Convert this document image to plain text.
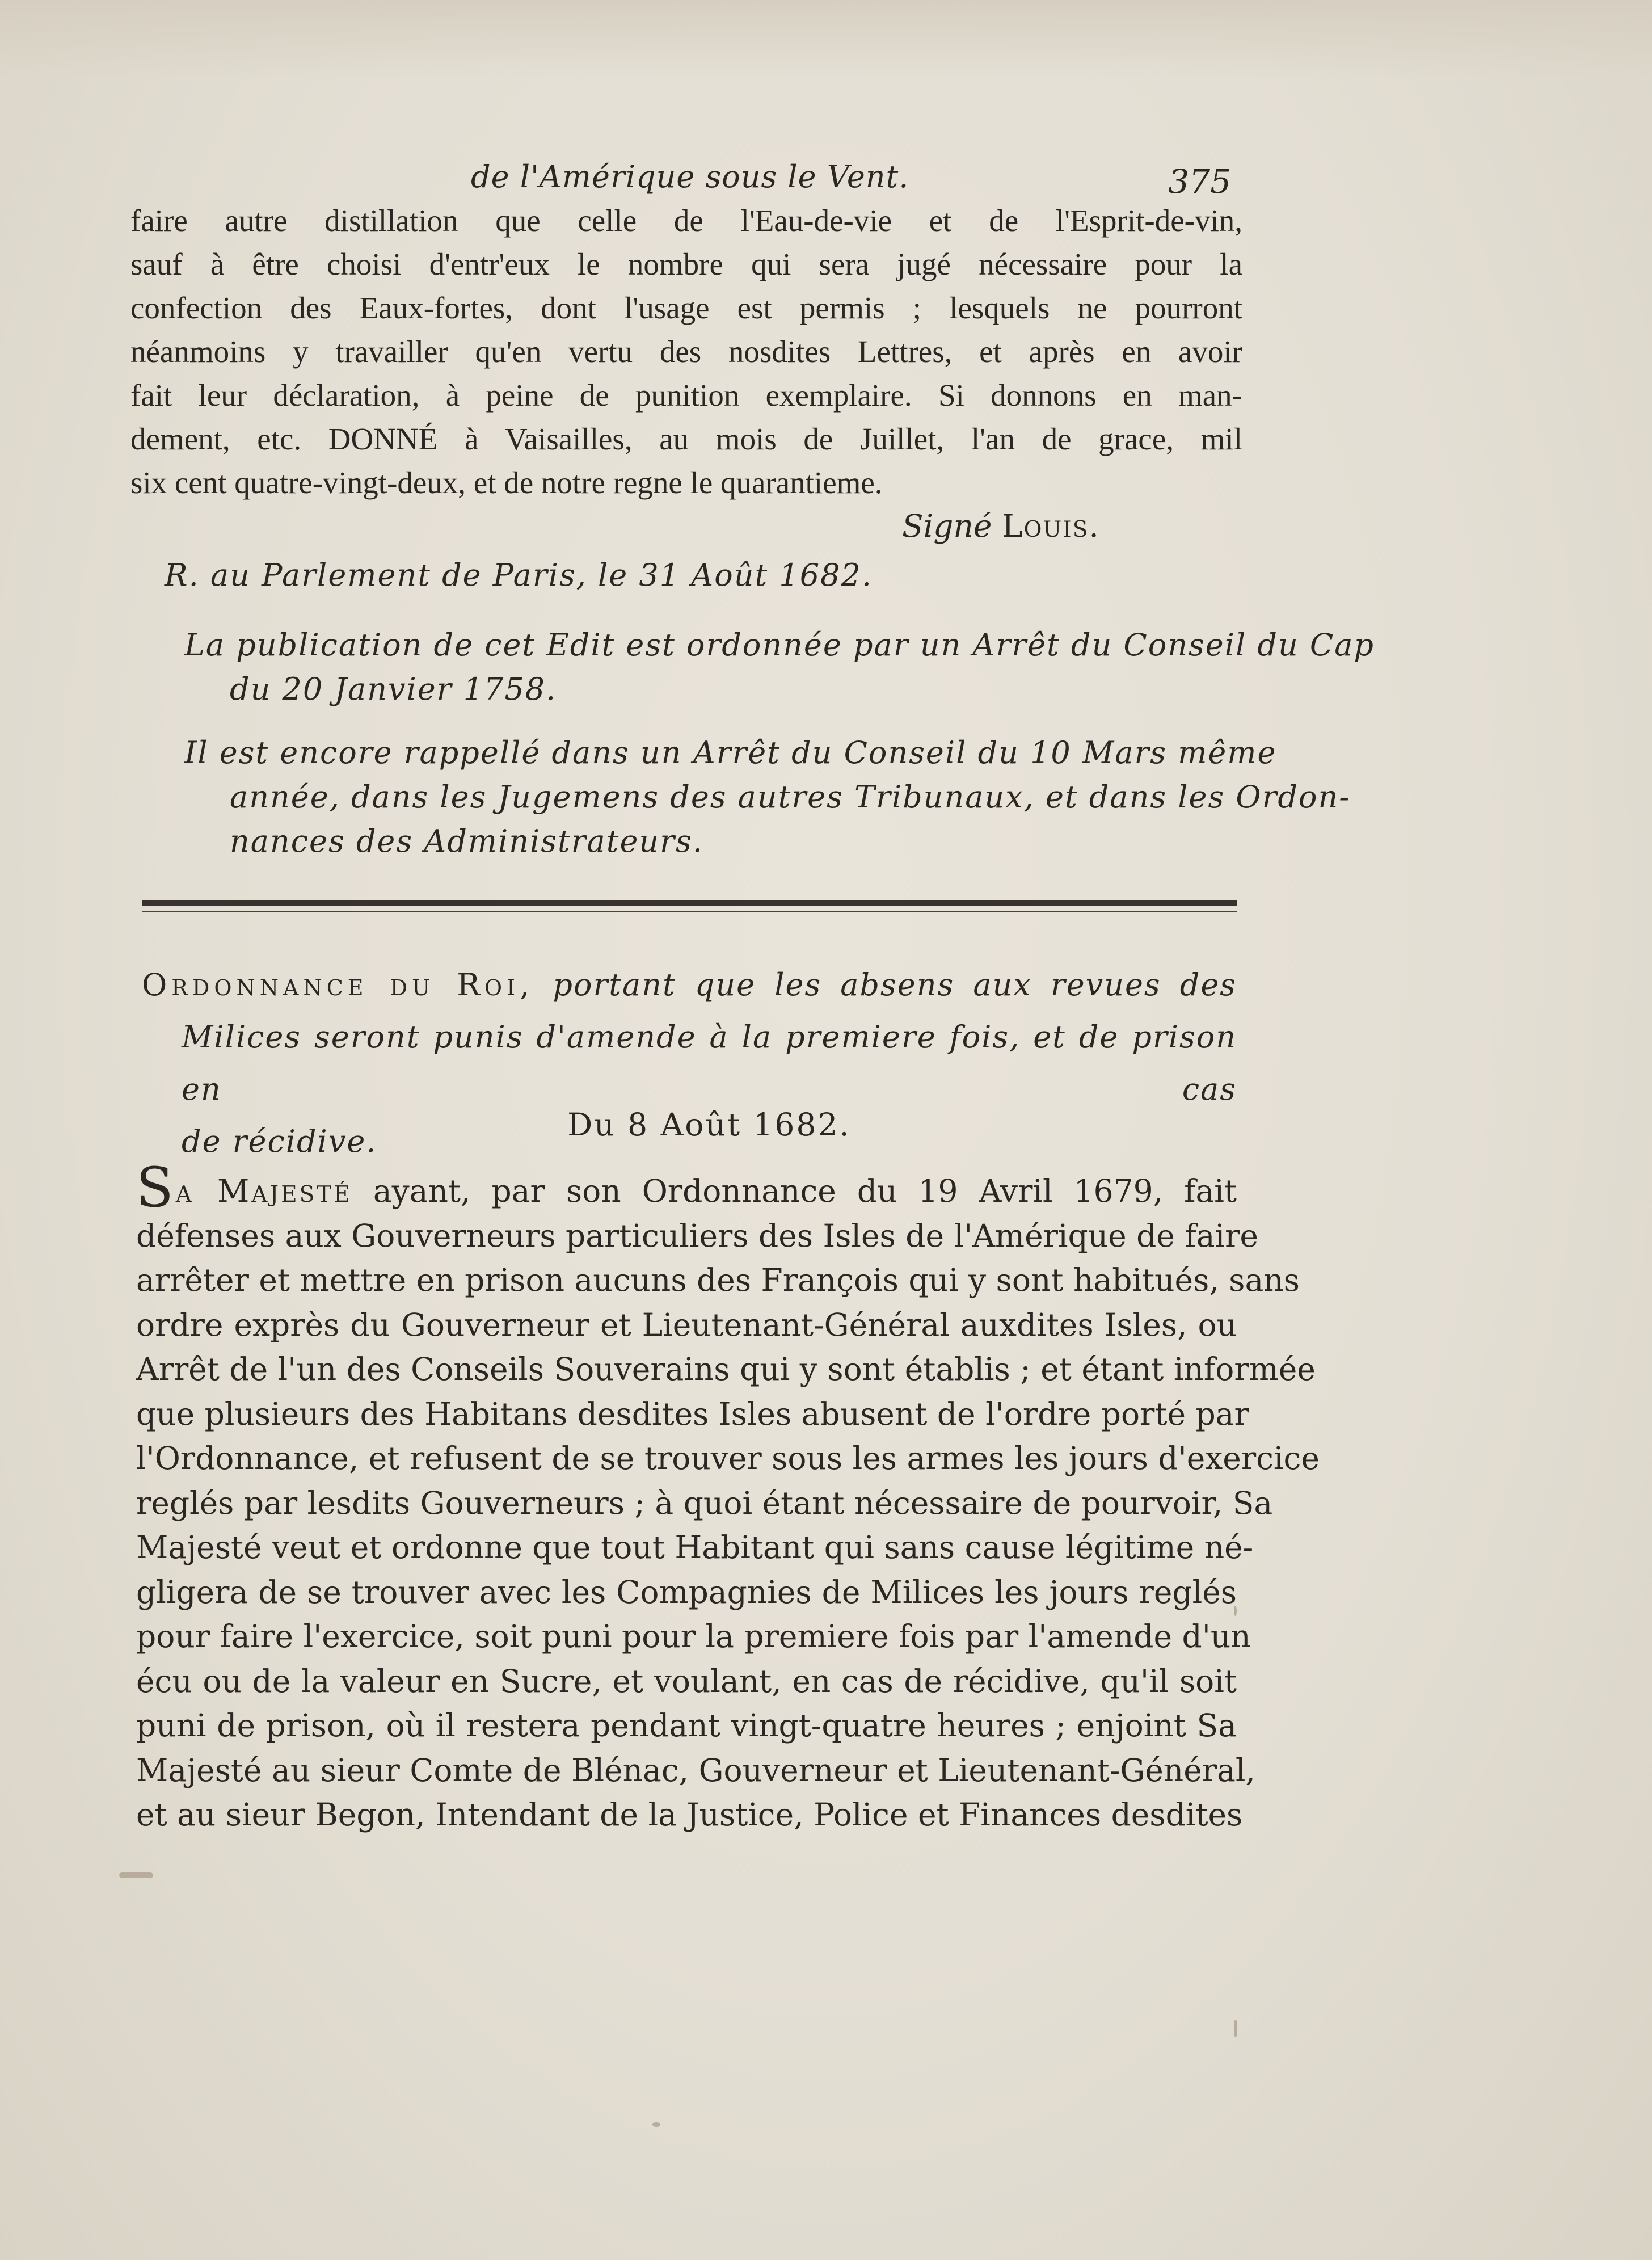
de l'Amérique sous le Vent.	375
faire autre distillation que celle de l'Eau-de-vie et de l'Esprit-de-vin,
sauf à être choisi d'entr'eux le nombre qui sera jugé nécessaire pour la
confection des Eaux-fortes, dont l'usage est permis ; lesquels ne pourront
néanmoins y travailler qu'en vertu des nosdites Lettres, et après en avoir
fait leur déclaration, à peine de punition exemplaire. Si donnons en man-
dement, etc. DONNÉ à Vaisailles, au mois de Juillet, l'an de grace, mil
six cent quatre-vingt-deux, et de notre regne le quarantieme.
Signé Louis.
R. au Parlement de Paris, le 31 Août 1682.
La publication de cet Edit est ordonnée par un Arrêt du Conseil du Cap
du 20 Janvier 1758.
Il est encore rappellé dans un Arrêt du Conseil du 10 Mars même
année, dans les Jugemens des autres Tribunaux, et dans les Ordon-
nances des Administrateurs.
Ordonnance du Roi, portant que les absens aux revues des
Milices seront punis d'amende à la premiere fois, et de prison en cas
de récidive.	Du 8 Août 1682.
Sa Majesté ayant, par son Ordonnance du 19 Avril 1679, fait
défenses aux Gouverneurs particuliers des Isles de l'Amérique de faire
arrêter et mettre en prison aucuns des François qui y sont habitués, sans
ordre exprès du Gouverneur et Lieutenant-Général auxdites Isles, ou
Arrêt de l'un des Conseils Souverains qui y sont établis ; et étant informée
que plusieurs des Habitans desdites Isles abusent de l'ordre porté par
l'Ordonnance, et refusent de se trouver sous les armes les jours d'exercice
reglés par lesdits Gouverneurs ; à quoi étant nécessaire de pourvoir, Sa
Majesté veut et ordonne que tout Habitant qui sans cause légitime né-
gligera de se trouver avec les Compagnies de Milices les jours reglés
pour faire l'exercice, soit puni pour la premiere fois par l'amende d'un
écu ou de la valeur en Sucre, et voulant, en cas de récidive, qu'il soit
puni de prison, où il restera pendant vingt-quatre heures ; enjoint Sa
Majesté au sieur Comte de Blénac, Gouverneur et Lieutenant-Général,
et au sieur Begon, Intendant de la Justice, Police et Finances desdites
